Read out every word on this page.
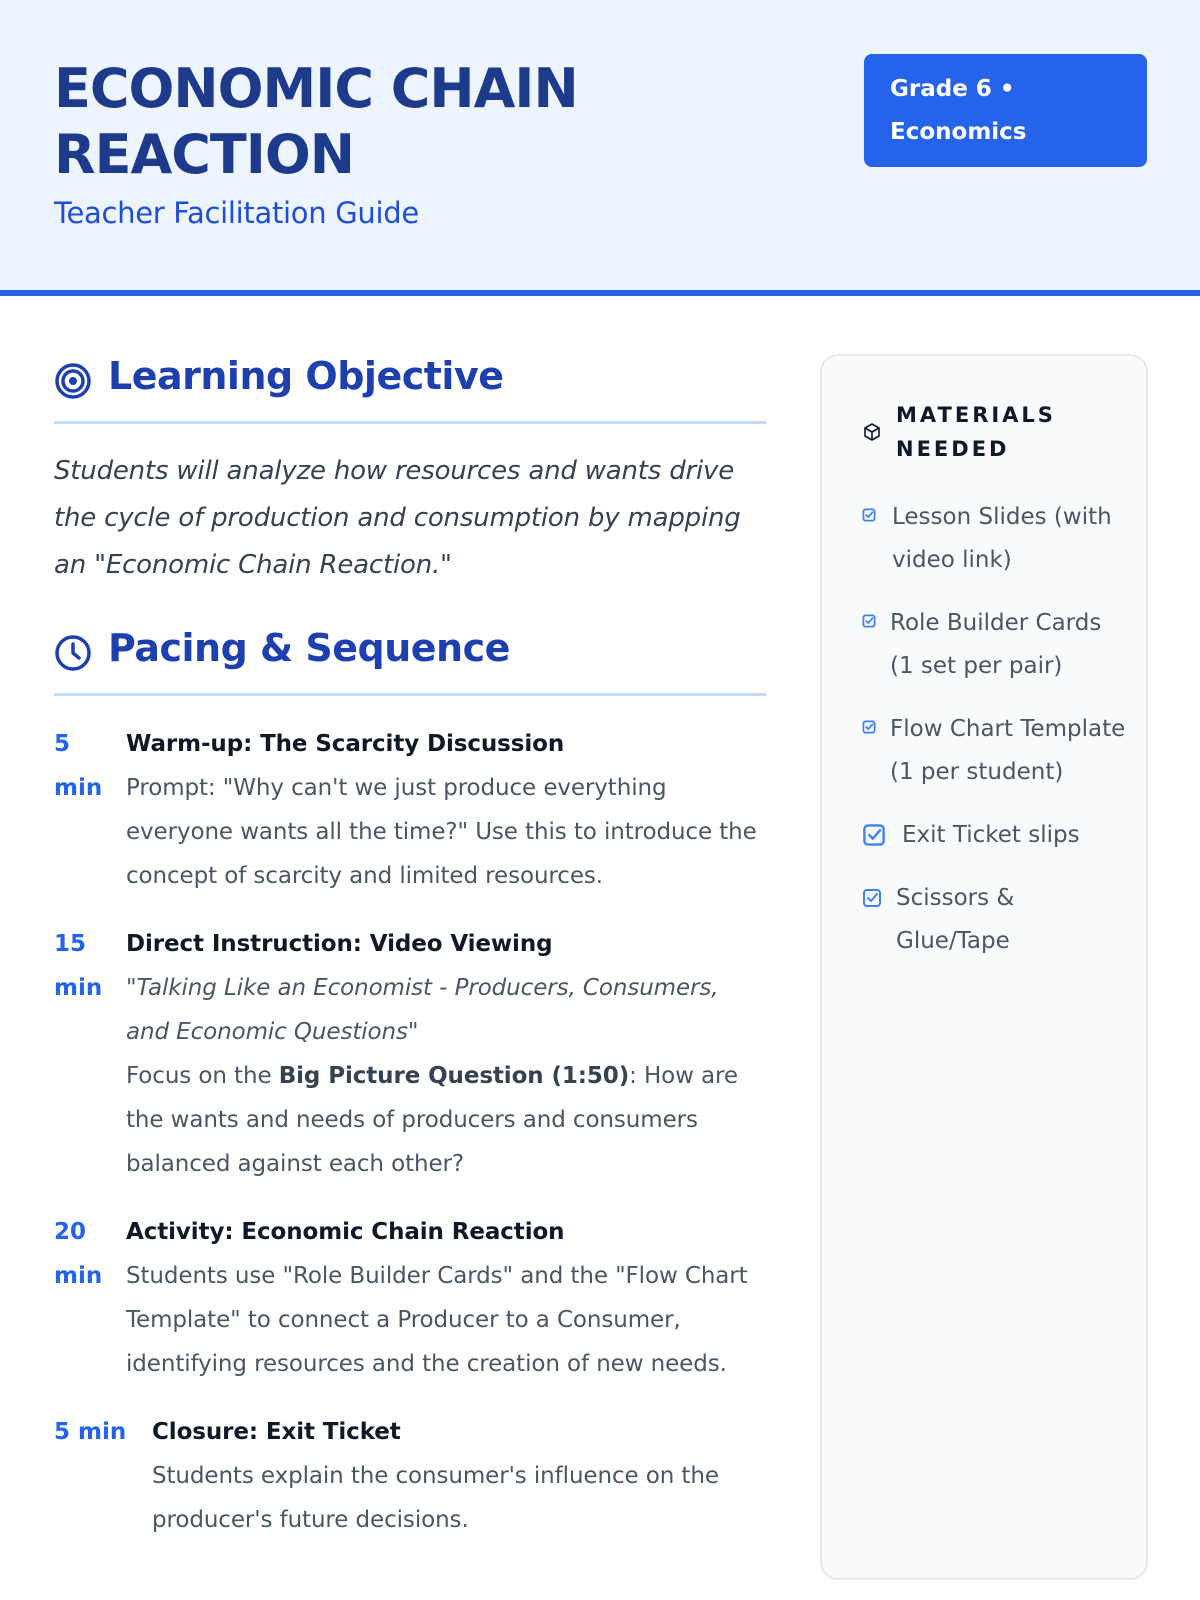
ECONOMIC CHAIN REACTION
Teacher Facilitation Guide
Grade 6 •
Economics
Learning Objective

Students will analyze how resources and wants drive the cycle of production and consumption by mapping an "Economic Chain Reaction."

Pacing & Sequence
5 min
Warm-up: The Scarcity Discussion
Prompt: "Why can't we just produce everything everyone wants all the time?" Use this to introduce the concept of scarcity and limited resources.
15 min
Direct Instruction: Video Viewing
"Talking Like an Economist - Producers, Consumers, and Economic Questions"
Focus on the Big Picture Question (1:50): How are the wants and needs of producers and consumers balanced against each other?
20 min
Activity: Economic Chain Reaction
Students use "Role Builder Cards" and the "Flow Chart Template" to connect a Producer to a Consumer, identifying resources and the creation of new needs.
5 min	Closure: Exit Ticket
Students explain the consumer's influence on the producer's future decisions.
MATERIALS NEEDED
Lesson Slides (with video link)
Role Builder Cards (1 set per pair)
Flow Chart Template (1 per student)
Exit Ticket slips
Scissors & Glue/Tape
